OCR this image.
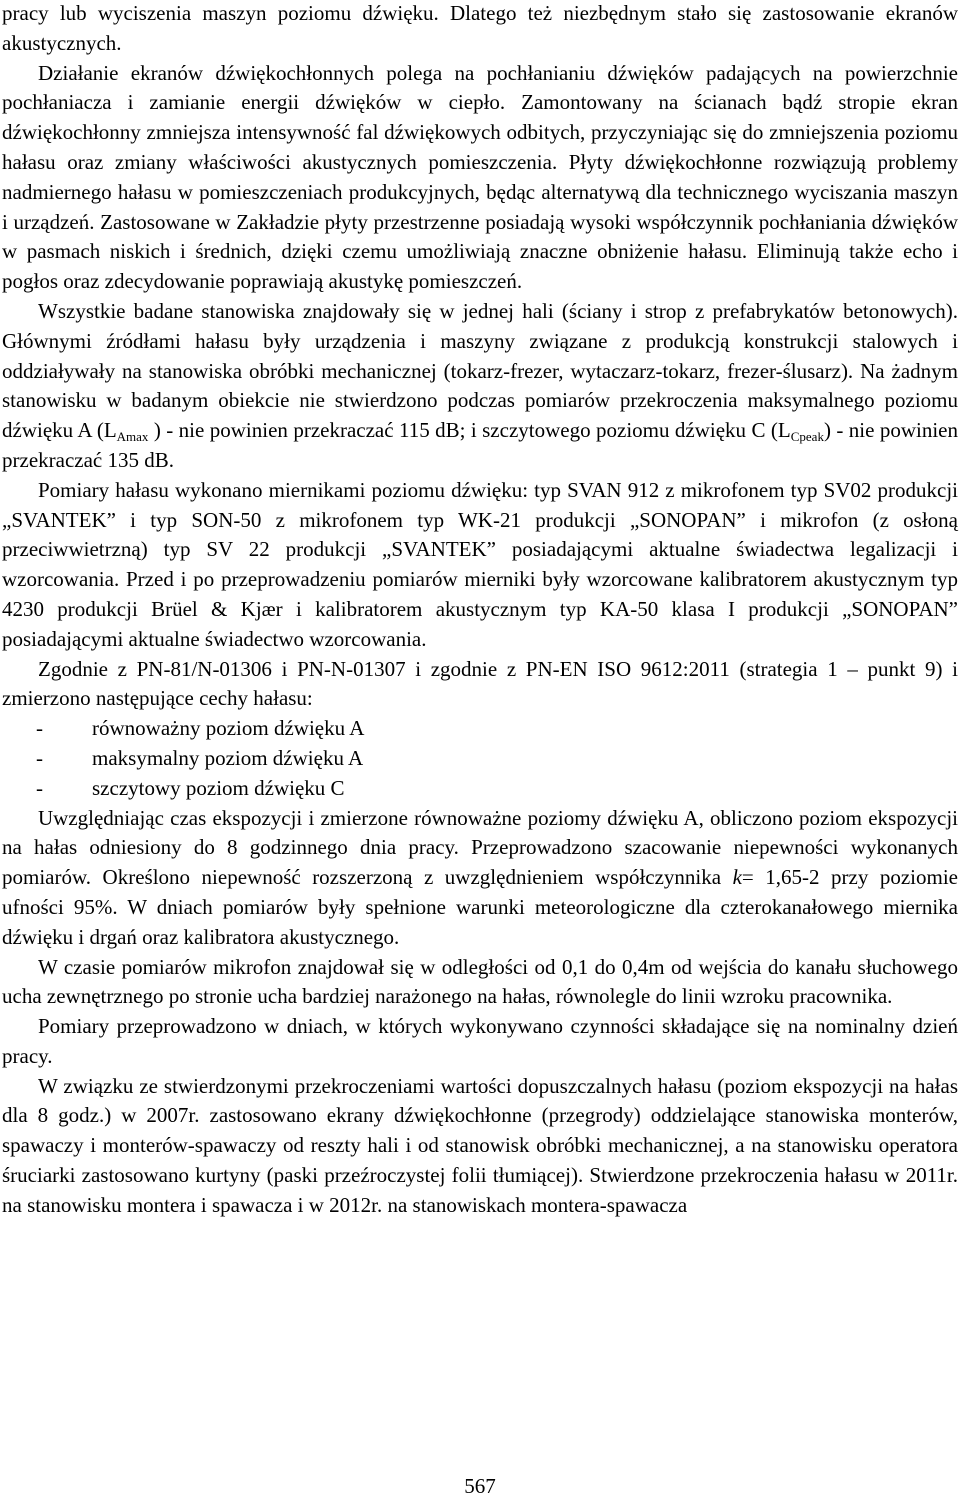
pracy lub wyciszenia maszyn poziomu dźwięku. Dlatego też niezbędnym stało się zastosowanie ekranów akustycznych.

Działanie ekranów dźwiękochłonnych polega na pochłanianiu dźwięków padających na powierzchnie pochłaniacza i zamianie energii dźwięków w ciepło. Zamontowany na ścianach bądź stropie ekran dźwiękochłonny zmniejsza intensywność fal dźwiękowych odbitych, przyczyniając się do zmniejszenia poziomu hałasu oraz zmiany właściwości akustycznych pomieszczenia. Płyty dźwiękochłonne rozwiązują problemy nadmiernego hałasu w pomieszczeniach produkcyjnych, będąc alternatywą dla technicznego wyciszania maszyn i urządzeń. Zastosowane w Zakładzie płyty przestrzenne posiadają wysoki współczynnik pochłaniania dźwięków w pasmach niskich i średnich, dzięki czemu umożliwiają znaczne obniżenie hałasu. Eliminują także echo i pogłos oraz zdecydowanie poprawiają akustykę pomieszczeń.

Wszystkie badane stanowiska znajdowały się w jednej hali (ściany i strop z prefabrykatów betonowych). Głównymi źródłami hałasu były urządzenia i maszyny związane z produkcją konstrukcji stalowych i oddziaływały na stanowiska obróbki mechanicznej (tokarz-frezer, wytaczarz-tokarz, frezer-ślusarz). Na żadnym stanowisku w badanym obiekcie nie stwierdzono podczas pomiarów przekroczenia maksymalnego poziomu dźwięku A ($L_{Amax}$ ) - nie powinien przekraczać 115 dB; i szczytowego poziomu dźwięku C $(L_{Cpeak})$ - nie powinien przekraczać 135 dB.

Pomiary hałasu wykonano miernikami poziomu dźwięku: typ SVAN 912 z mikrofonem typ SV02 produkcji „SVANTEK” i typ SON-50 z mikrofonem typ WK-21 produkcji „SONOPAN” i mikrofon (z osłoną przeciwwietrzną) typ SV 22 produkcji „SVANTEK” posiadającymi aktualne świadectwa legalizacji i wzorcowania. Przed i po przeprowadzeniu pomiarów mierniki były wzorcowane kalibratorem akustycznym typ 4230 produkcji Brüel & Kjær i kalibratorem akustycznym typ KA-50 klasa I produkcji „SONOPAN” posiadającymi aktualne świadectwo wzorcowania.

Zgodnie z PN-81/N-01306 i PN-N-01307 i zgodnie z PN-EN ISO 9612:2011 (strategia 1 – punkt 9) i zmierzono następujące cechy hałasu:

- równoważny poziom dźwięku A
- maksymalny poziom dźwięku A
- szczytowy poziom dźwięku C

Uwzględniając czas ekspozycji i zmierzone równoważne poziomy dźwięku A, obliczono poziom ekspozycji na hałas odniesiony do 8 godzinnego dnia pracy. Przeprowadzono szacowanie niepewności wykonanych pomiarów. Określono niepewność rozszerzoną z uwzględnieniem współczynnika k= 1,65-2 przy poziomie ufności 95%. W dniach pomiarów były spełnione warunki meteorologiczne dla czterokanałowego miernika dźwięku i drgań oraz kalibratora akustycznego.

W czasie pomiarów mikrofon znajdował się w odległości od 0,1 do 0,4m od wejścia do kanału słuchowego ucha zewnętrznego po stronie ucha bardziej narażonego na hałas, równolegle do linii wzroku pracownika.

Pomiary przeprowadzono w dniach, w których wykonywano czynności składające się na nominalny dzień pracy.

W związku ze stwierdzonymi przekroczeniami wartości dopuszczalnych hałasu (poziom ekspozycji na hałas dla 8 godz.) w 2007r. zastosowano ekrany dźwiękochłonne (przegrody) oddzielające stanowiska monterów, spawaczy i monterów-spawaczy od reszty hali i od stanowisk obróbki mechanicznej, a na stanowisku operatora śruciarki zastosowano kurtyny (paski przeźroczystej folii tłumiącej). Stwierdzone przekroczenia hałasu w 2011r. na stanowisku montera i spawacza i w 2012r. na stanowiskach montera-spawacza

567
